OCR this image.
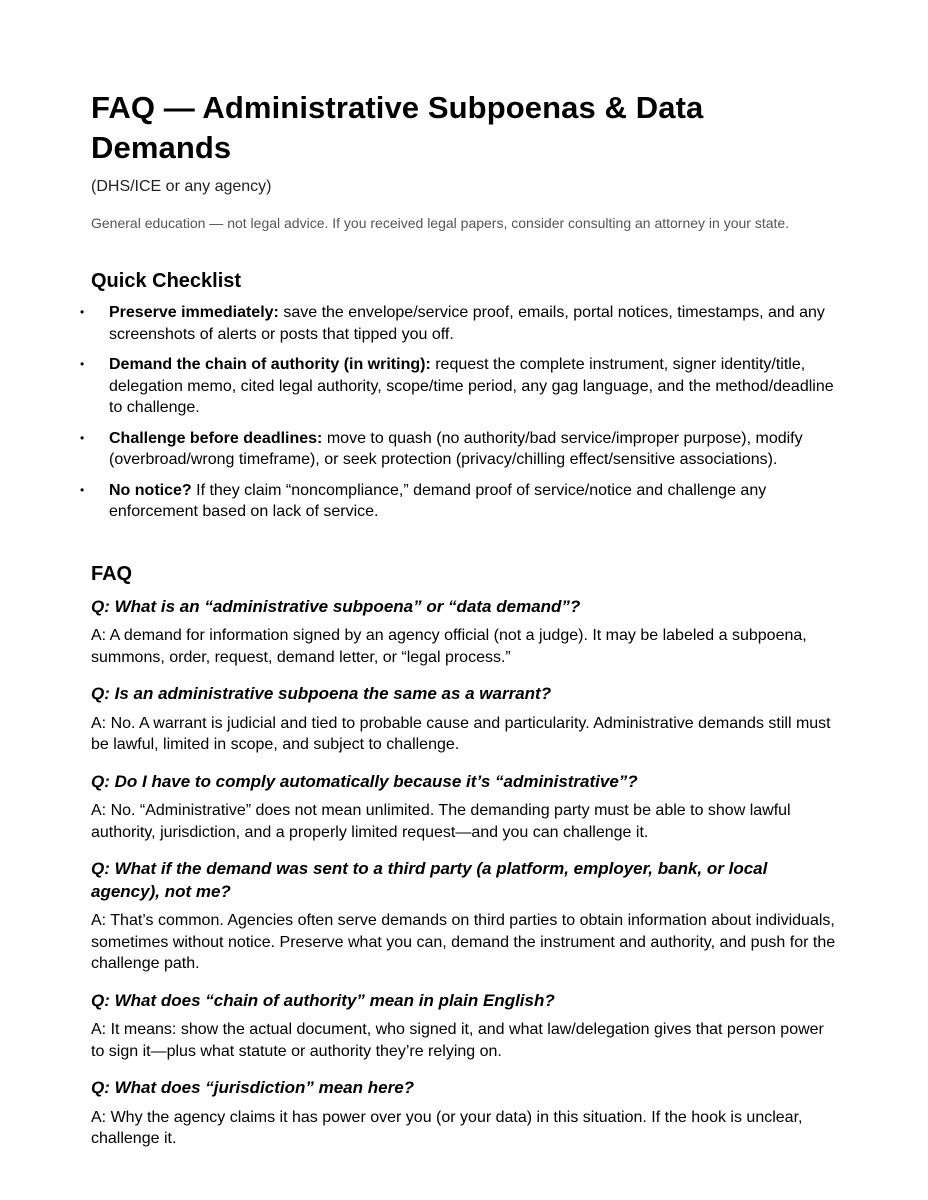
FAQ — Administrative Subpoenas & Data Demands

(DHS/ICE or any agency)

General education — not legal advice. If you received legal papers, consider consulting an attorney in your state.

Quick Checklist
• Preserve immediately: save the envelope/service proof, emails, portal notices, timestamps, and any screenshots of alerts or posts that tipped you off.
• Demand the chain of authority (in writing): request the complete instrument, signer identity/title, delegation memo, cited legal authority, scope/time period, any gag language, and the method/deadline to challenge.
• Challenge before deadlines: move to quash (no authority/bad service/improper purpose), modify (overbroad/wrong timeframe), or seek protection (privacy/chilling effect/sensitive associations).
• No notice? If they claim “noncompliance,” demand proof of service/notice and challenge any enforcement based on lack of service.
FAQ

Q: What is an “administrative subpoena” or “data demand”?

A: A demand for information signed by an agency official (not a judge). It may be labeled a subpoena, summons, order, request, demand letter, or “legal process.”

Q: Is an administrative subpoena the same as a warrant?

A: No. A warrant is judicial and tied to probable cause and particularity. Administrative demands still must be lawful, limited in scope, and subject to challenge.

Q: Do I have to comply automatically because it’s “administrative”?

A: No. “Administrative” does not mean unlimited. The demanding party must be able to show lawful authority, jurisdiction, and a properly limited request—and you can challenge it.

Q: What if the demand was sent to a third party (a platform, employer, bank, or local agency), not me?

A: That’s common. Agencies often serve demands on third parties to obtain information about individuals, sometimes without notice. Preserve what you can, demand the instrument and authority, and push for the challenge path.

Q: What does “chain of authority” mean in plain English?

A: It means: show the actual document, who signed it, and what law/delegation gives that person power to sign it—plus what statute or authority they’re relying on.

Q: What does “jurisdiction” mean here?

A: Why the agency claims it has power over you (or your data) in this situation. If the hook is unclear, challenge it.
